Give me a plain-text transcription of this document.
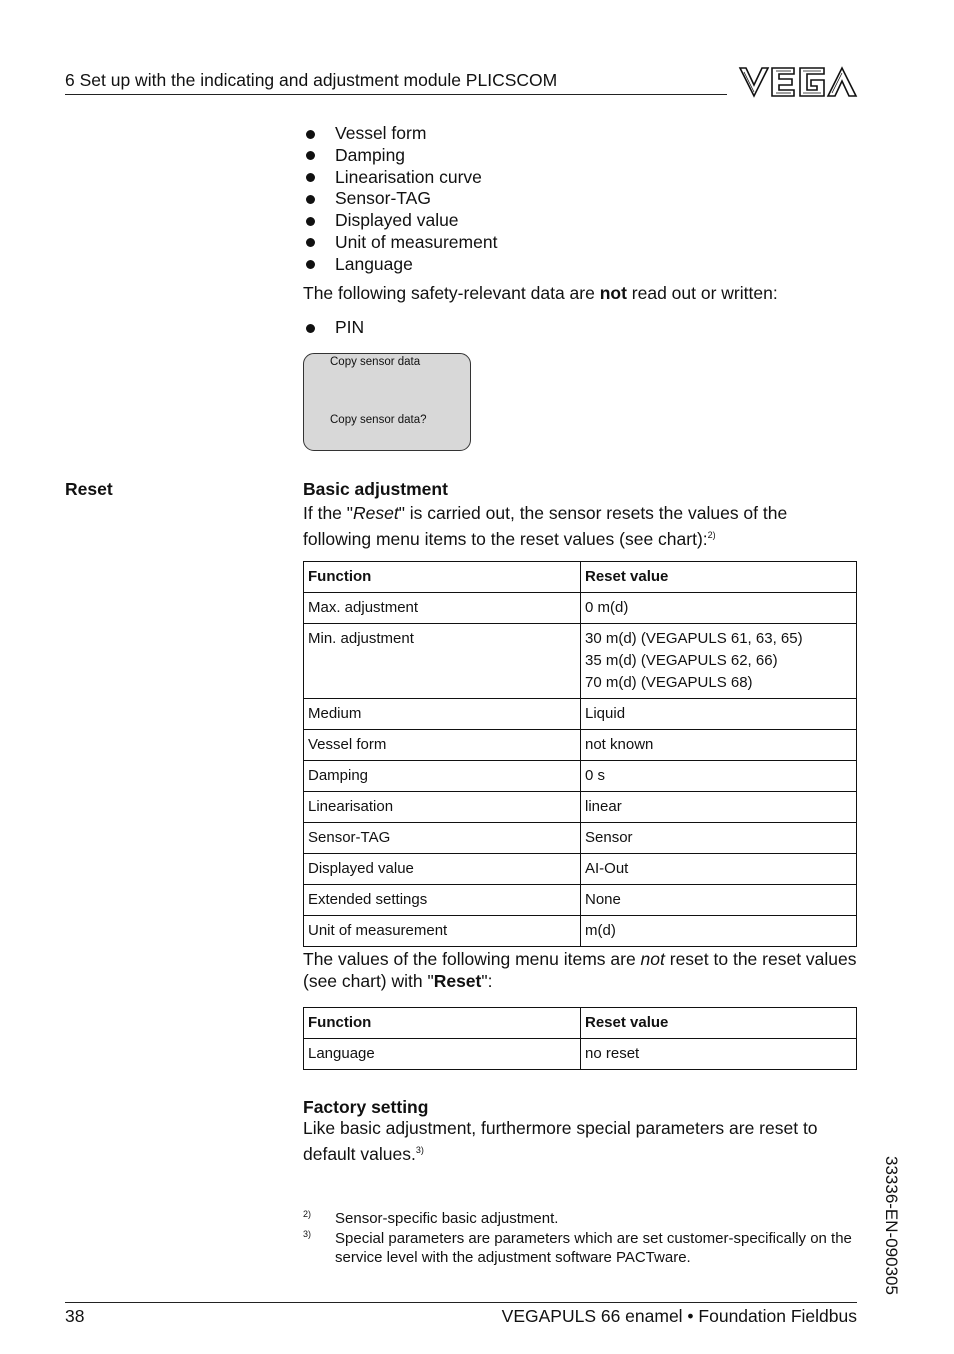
6 Set up with the indicating and adjustment module PLICSCOM
Vessel form
Damping
Linearisation curve
Sensor-TAG
Displayed value
Unit of measurement
Language
The following safety-relevant data are not read out or written:
PIN
Copy sensor data
Copy sensor data?
Reset	Basic adjustment
If the "Reset" is carried out, the sensor resets the values of the following menu items to the reset values (see chart):$^{2)}$
Function	Reset value
Max. adjustment	0 m(d)
Min. adjustment	30 m(d) (VEGAPULS 61, 63, 65)
35 m(d) (VEGAPULS 62, 66)
70 m(d) (VEGAPULS 68)
Medium	Liquid
Vessel form	not known
Damping	0 s
Linearisation	linear
Sensor-TAG	Sensor
Displayed value	AI-Out
Extended settings	None
Unit of measurement	m(d)
The values of the following menu items are not reset to the reset values (see chart) with "Reset":
Function	Reset value
Language	no reset
Factory setting
Like basic adjustment, furthermore special parameters are reset to default values.$^{3)}$
2) Sensor-specific basic adjustment.
3) Special parameters are parameters which are set customer-specifically on the service level with the adjustment software PACTware.	33336-EN-090305
38	VEGAPULS 66 enamel • Foundation Fieldbus
